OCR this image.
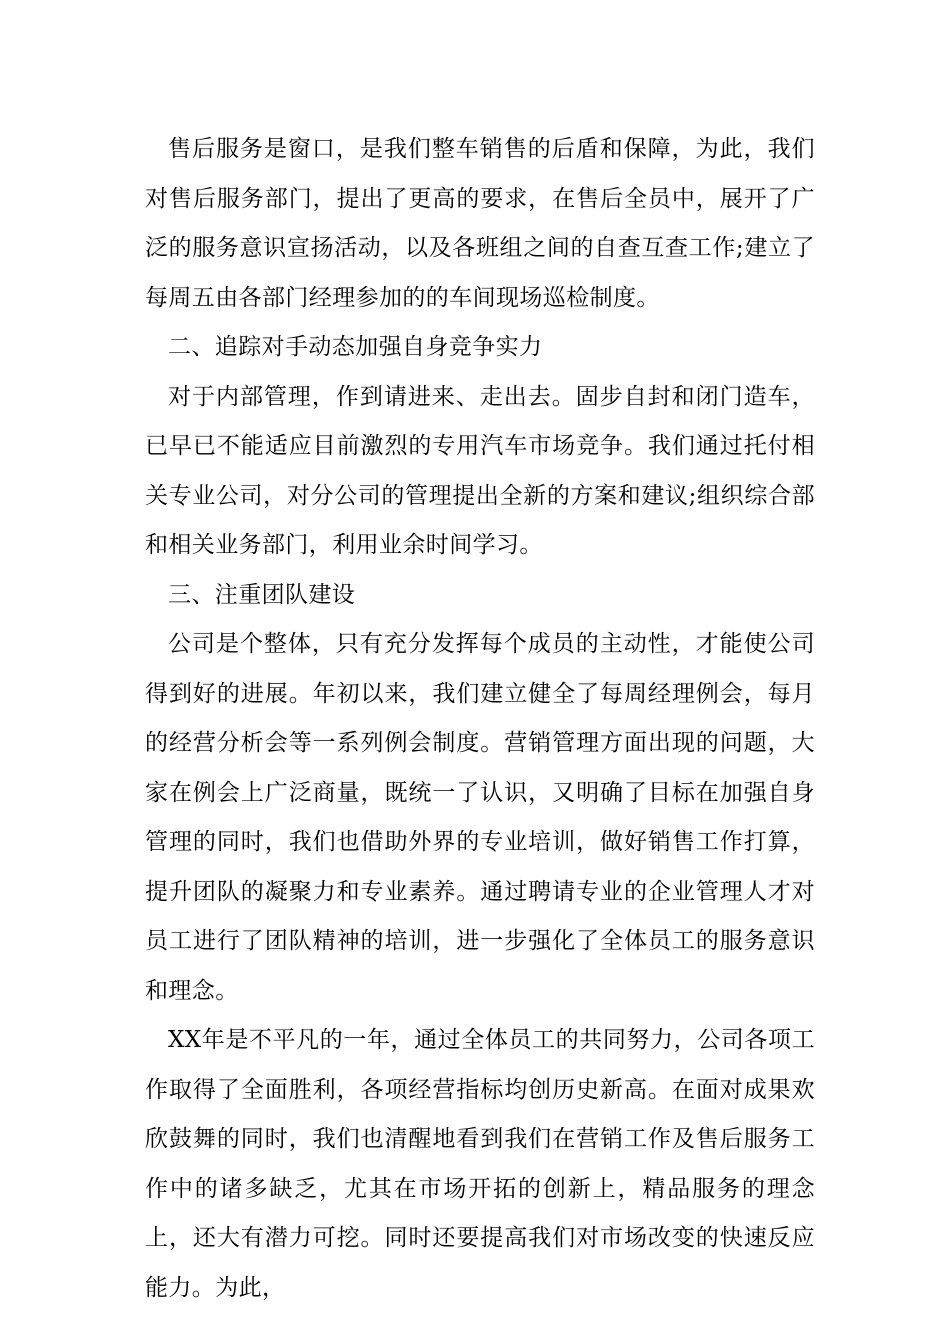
售后服务是窗口，是我们整车销售的后盾和保障，为此，我们对售后服务部门，提出了更高的要求，在售后全员中，展开了广泛的服务意识宣扬活动，以及各班组之间的自查互查工作;建立了每周五由各部门经理参加的的车间现场巡检制度。

二、追踪对手动态加强自身竞争实力

对于内部管理，作到请进来、走出去。固步自封和闭门造车，已早已不能适应目前激烈的专用汽车市场竞争。我们通过托付相关专业公司，对分公司的管理提出全新的方案和建议;组织综合部和相关业务部门，利用业余时间学习。

三、注重团队建设

公司是个整体，只有充分发挥每个成员的主动性，才能使公司得到好的进展。年初以来，我们建立健全了每周经理例会，每月的经营分析会等一系列例会制度。营销管理方面出现的问题，大家在例会上广泛商量，既统一了认识，又明确了目标在加强自身管理的同时，我们也借助外界的专业培训，做好销售工作打算，提升团队的凝聚力和专业素养。通过聘请专业的企业管理人才对员工进行了团队精神的培训，进一步强化了全体员工的服务意识和理念。

XX年是不平凡的一年，通过全体员工的共同努力，公司各项工作取得了全面胜利，各项经营指标均创历史新高。在面对成果欢欣鼓舞的同时，我们也清醒地看到我们在营销工作及售后服务工作中的诸多缺乏，尤其在市场开拓的创新上，精品服务的理念上，还大有潜力可挖。同时还要提高我们对市场改变的快速反应能力。为此，
